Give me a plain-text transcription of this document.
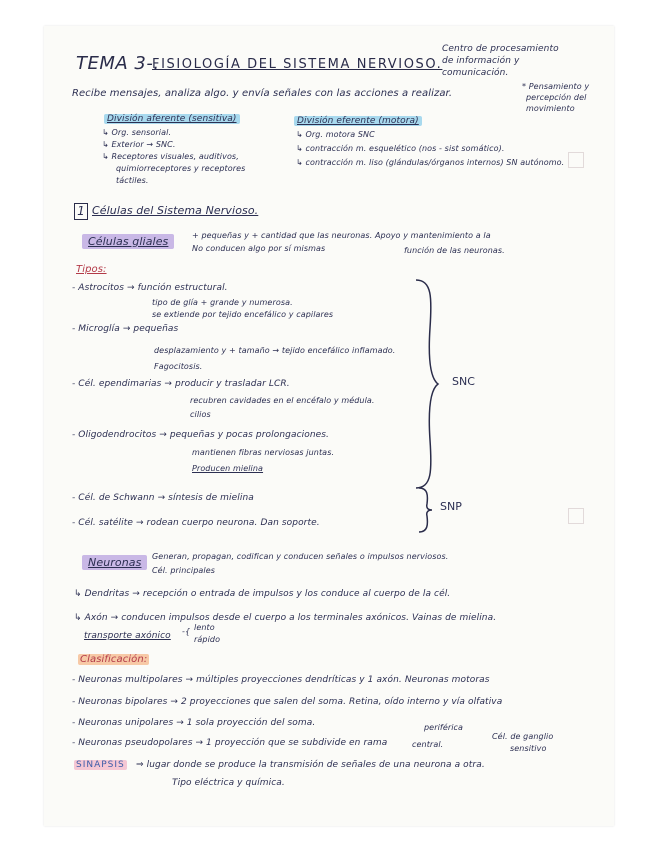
TEMA 3-.
FISIOLOGÍA DEL SISTEMA NERVIOSO.
Centro de procesamiento
de información y
comunicación.
Recibe mensajes, analiza algo. y envía señales con las acciones a realizar.
* Pensamiento y
percepción del
movimiento
División aferente (sensitiva)
↳ Org. sensorial.
↳ Exterior → SNC.
↳ Receptores visuales, auditivos,
quimiorreceptores y receptores
táctiles.
División eferente (motora)
↳ Org. motora SNC
↳ contracción m. esquelético (nos - sist somático).
↳ contracción m. liso (glándulas/órganos internos) SN autónomo.
1 Células del Sistema Nervioso.
Células gliales	+ pequeñas y + cantidad que las neuronas. Apoyo y mantenimiento a la
No conducen algo por sí mismas	función de las neuronas.
Tipos:
- Astrocitos → función estructural.
tipo de glía + grande y numerosa.
se extiende por tejido encefálico y capilares
- Microglía → pequeñas
desplazamiento y + tamaño → tejido encefálico inflamado.
Fagocitosis.
- Cél. ependimarias → producir y trasladar LCR.
recubren cavidades en el encéfalo y médula.
cilios
- Oligodendrocitos → pequeñas y pocas prolongaciones.
mantienen fibras nerviosas juntas.
Producen mielina
SNC
- Cél. de Schwann → síntesis de mielina
- Cél. satélite → rodean cuerpo neurona. Dan soporte.
SNP
Neuronas	Generan, propagan, codifican y conducen señales o impulsos nerviosos.
Cél. principales
↳ Dendritas → recepción o entrada de impulsos y los conduce al cuerpo de la cél.
↳ Axón → conducen impulsos desde el cuerpo a los terminales axónicos. Vainas de mielina.
transporte axónico -{ lento
rápido
Clasificación:
- Neuronas multipolares → múltiples proyecciones dendríticas y 1 axón. Neuronas motoras
- Neuronas bipolares → 2 proyecciones que salen del soma. Retina, oído interno y vía olfativa
- Neuronas unipolares → 1 sola proyección del soma.
- Neuronas pseudopolares → 1 proyección que se subdivide en rama
periférica
central.
Cél. de ganglio
sensitivo
SINAPSIS ⇒ lugar donde se produce la transmisión de señales de una neurona a otra.
Tipo eléctrica y química.
